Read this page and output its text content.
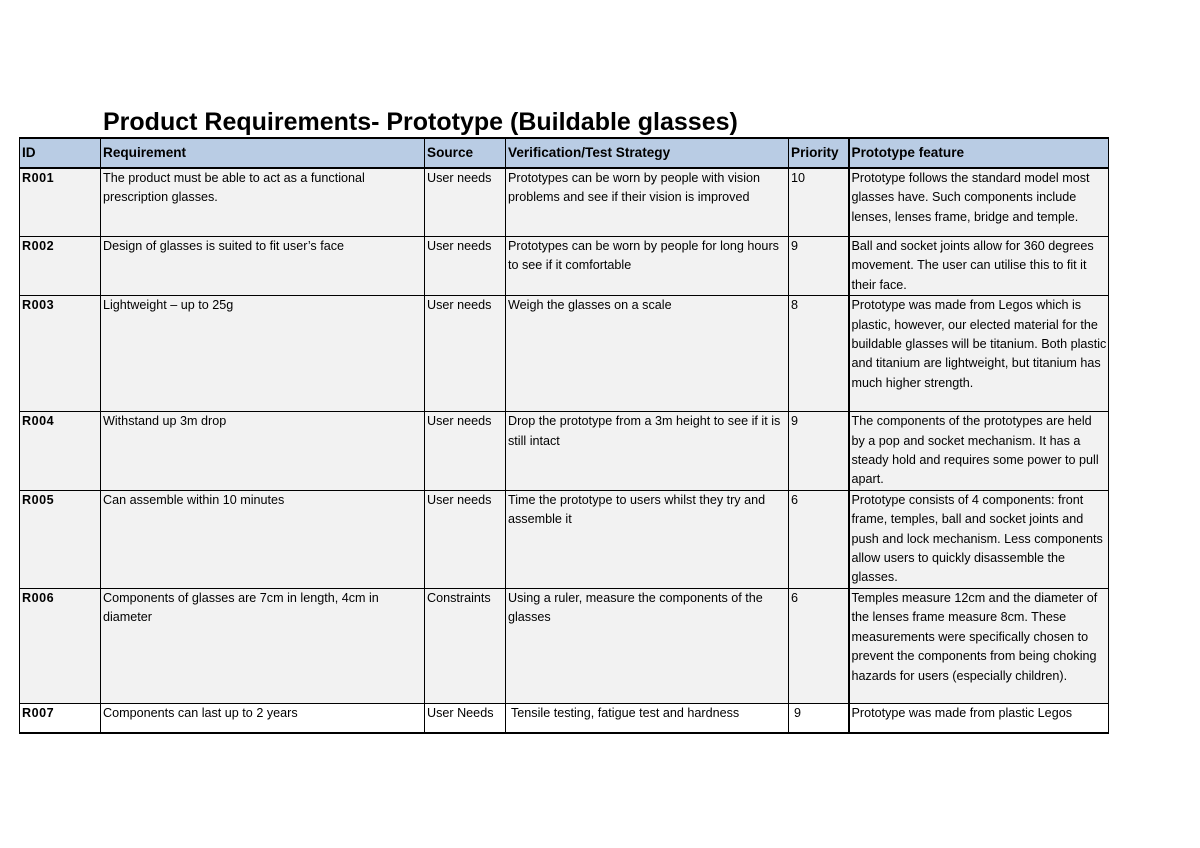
Product Requirements- Prototype (Buildable glasses)
ID	Requirement	Source	Verification/Test Strategy	Priority	Prototype feature
R001	The product must be able to act as a functional prescription glasses.	User needs	Prototypes can be worn by people with vision problems and see if their vision is improved	10	Prototype follows the standard model most glasses have. Such components include lenses, lenses frame, bridge and temple.
R002	Design of glasses is suited to fit user’s face	User needs	Prototypes can be worn by people for long hours to see if it comfortable	9	Ball and socket joints allow for 360 degrees movement. The user can utilise this to fit it their face.
R003	Lightweight – up to 25g	User needs	Weigh the glasses on a scale	8	Prototype was made from Legos which is plastic, however, our elected material for the buildable glasses will be titanium. Both plastic and titanium are lightweight, but titanium has much higher strength.
R004	Withstand up 3m drop	User needs	Drop the prototype from a 3m height to see if it is still intact	9	The components of the prototypes are held by a pop and socket mechanism. It has a steady hold and requires some power to pull apart.
R005	Can assemble within 10 minutes	User needs	Time the prototype to users whilst they try and assemble it	6	Prototype consists of 4 components: front frame, temples, ball and socket joints and push and lock mechanism. Less components allow users to quickly disassemble the glasses.
R006	Components of glasses are 7cm in length, 4cm in diameter	Constraints	Using a ruler, measure the components of the glasses	6	Temples measure 12cm and the diameter of the lenses frame measure 8cm. These measurements were specifically chosen to prevent the components from being choking hazards for users (especially children).
R007	Components can last up to 2 years	User Needs	Tensile testing, fatigue test and hardness	9	Prototype was made from plastic Legos
